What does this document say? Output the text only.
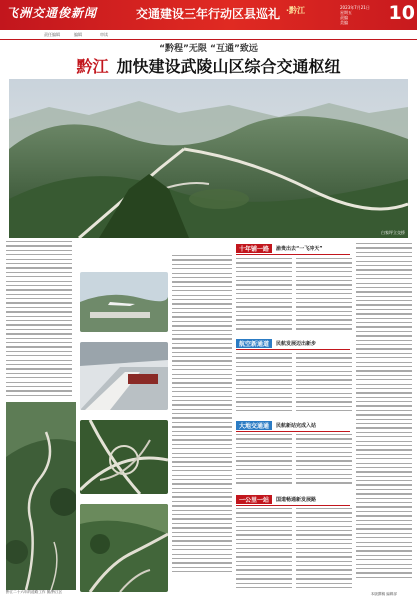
飞洲交通俊新闻	交通建设三年行动区县巡礼 ·黔江	2023年7月21日
星期五
责编
美编	10
责任编辑	编辑	审读
“黔程”无限 “互通”致远
黔江 加快建设武陵山区综合交通枢纽
白家坪立交桥
黔江二十六年的道路工作 图/黔江区
十年铺一路	渝贵出去“一飞冲天”
航空新通道	民航发展迈出新步
大地交通通	民航新站完成入站
一公里一站	国道畅通新发展路
本版撰稿 编辑部
